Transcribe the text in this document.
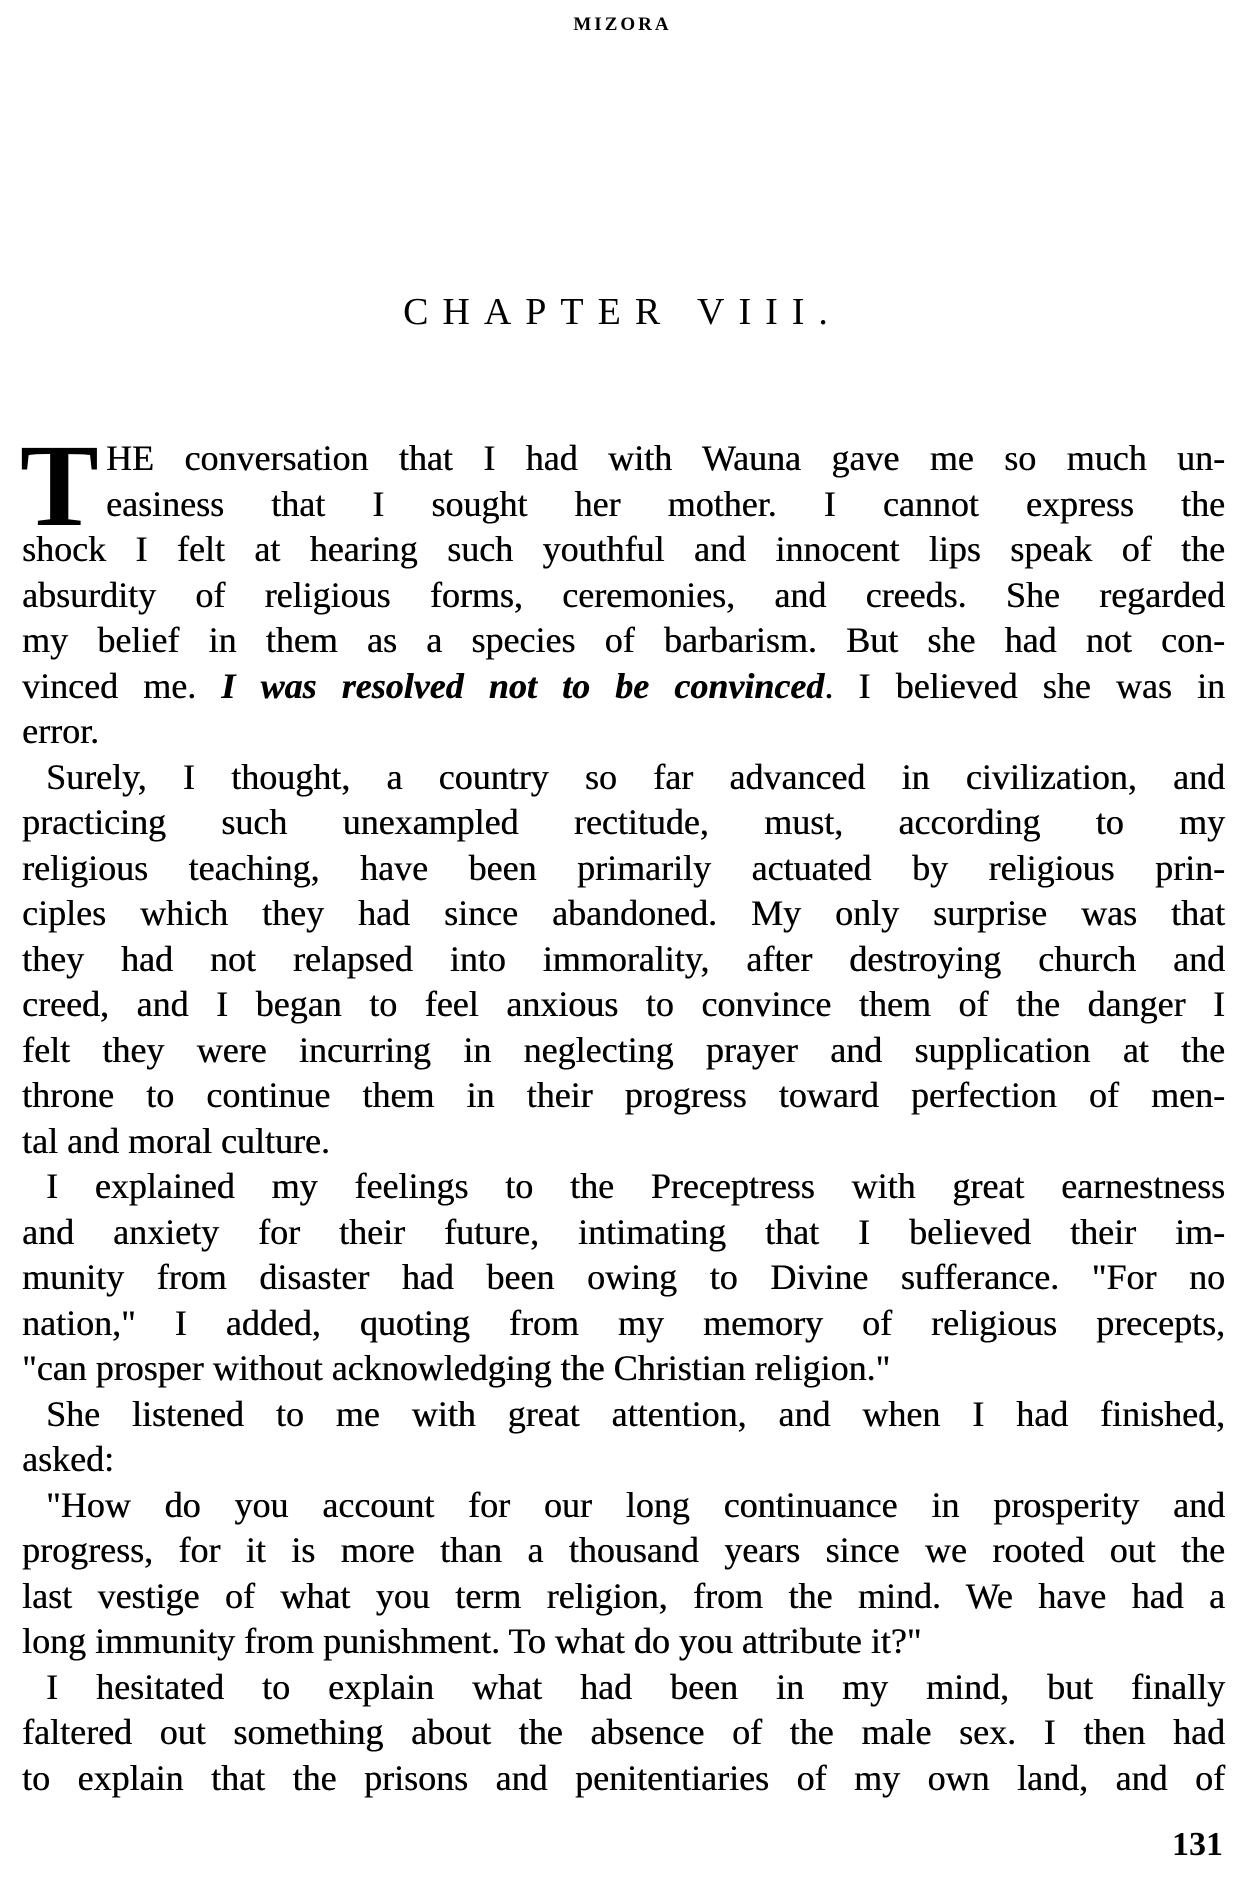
MIZORA
CHAPTER VIII.
T HE conversation that I had with Wauna gave me so much un-
easiness that I sought her mother. I cannot express the
shock I felt at hearing such youthful and innocent lips speak of the
absurdity of religious forms, ceremonies, and creeds. She regarded
my belief in them as a species of barbarism. But she had not con-
vinced me. I was resolved not to be convinced. I believed she was in
error.
Surely, I thought, a country so far advanced in civilization, and
practicing such unexampled rectitude, must, according to my
religious teaching, have been primarily actuated by religious prin-
ciples which they had since abandoned. My only surprise was that
they had not relapsed into immorality, after destroying church and
creed, and I began to feel anxious to convince them of the danger I
felt they were incurring in neglecting prayer and supplication at the
throne to continue them in their progress toward perfection of men-
tal and moral culture.
I explained my feelings to the Preceptress with great earnestness
and anxiety for their future, intimating that I believed their im-
munity from disaster had been owing to Divine sufferance. "For no
nation," I added, quoting from my memory of religious precepts,
"can prosper without acknowledging the Christian religion."
She listened to me with great attention, and when I had finished,
asked:
"How do you account for our long continuance in prosperity and
progress, for it is more than a thousand years since we rooted out the
last vestige of what you term religion, from the mind. We have had a
long immunity from punishment. To what do you attribute it?"
I hesitated to explain what had been in my mind, but finally
faltered out something about the absence of the male sex. I then had
to explain that the prisons and penitentiaries of my own land, and of
131
